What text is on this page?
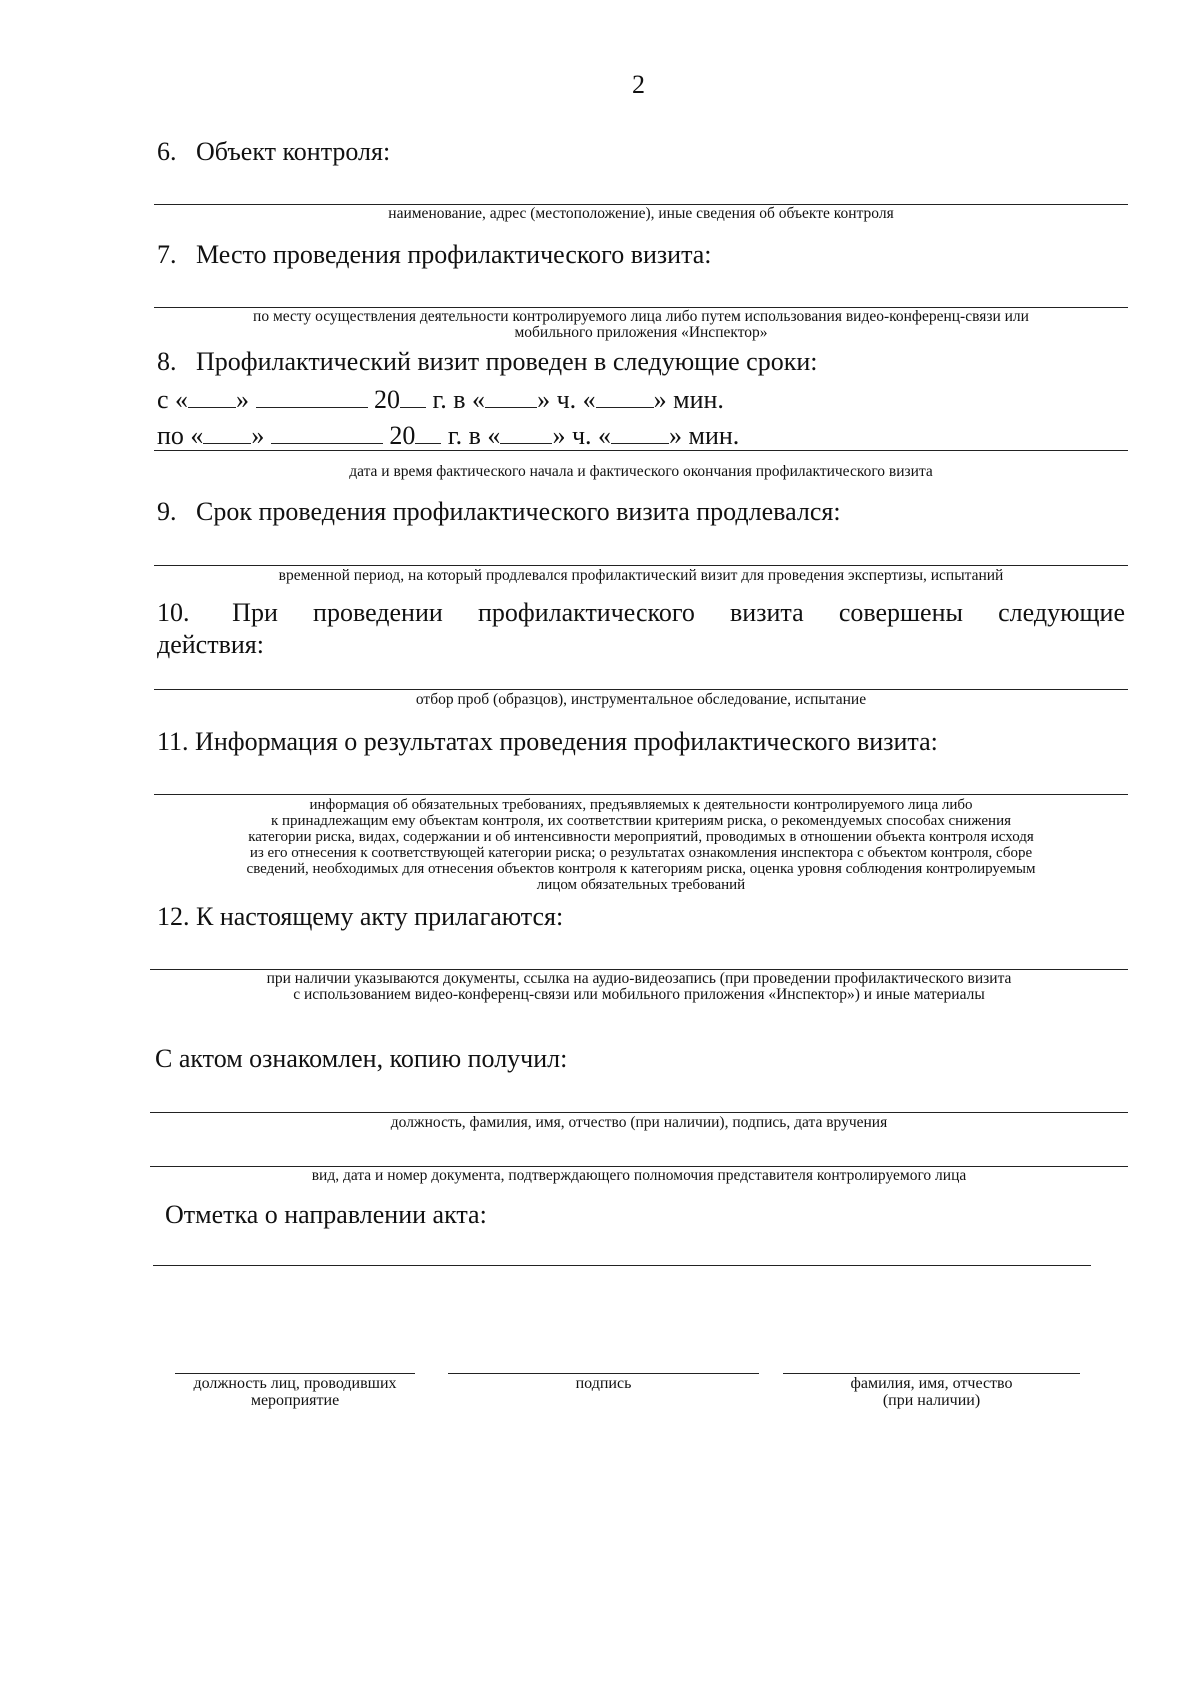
2
6. Объект контроля:
наименование, адрес (местоположение), иные сведения об объекте контроля
7. Место проведения профилактического визита:
по месту осуществления деятельности контролируемого лица либо путем использования видео-конференц-связи или
мобильного приложения «Инспектор»
8. Профилактический визит проведен в следующие сроки:
с « »	20 г. в « » ч. « » мин.
по « »	20 г. в « » ч. « » мин.
дата и время фактического начала и фактического окончания профилактического визита
9. Срок проведения профилактического визита продлевался:
временной период, на который продлевался профилактический визит для проведения экспертизы, испытаний
10. При проведении профилактического визита совершены следующие
действия:
отбор проб (образцов), инструментальное обследование, испытание
11. Информация о результатах проведения профилактического визита:
информация об обязательных требованиях, предъявляемых к деятельности контролируемого лица либо
к принадлежащим ему объектам контроля, их соответствии критериям риска, о рекомендуемых способах снижения
категории риска, видах, содержании и об интенсивности мероприятий, проводимых в отношении объекта контроля исходя
из его отнесения к соответствующей категории риска; о результатах ознакомления инспектора с объектом контроля, сборе
сведений, необходимых для отнесения объектов контроля к категориям риска, оценка уровня соблюдения контролируемым
лицом обязательных требований
12. К настоящему акту прилагаются:
при наличии указываются документы, ссылка на аудио-видеозапись (при проведении профилактического визита
с использованием видео-конференц-связи или мобильного приложения «Инспектор») и иные материалы
С актом ознакомлен, копию получил:
должность, фамилия, имя, отчество (при наличии), подпись, дата вручения
вид, дата и номер документа, подтверждающего полномочия представителя контролируемого лица
Отметка о направлении акта:
должность лиц, проводивших
мероприятие
подпись	фамилия, имя, отчество
(при наличии)
